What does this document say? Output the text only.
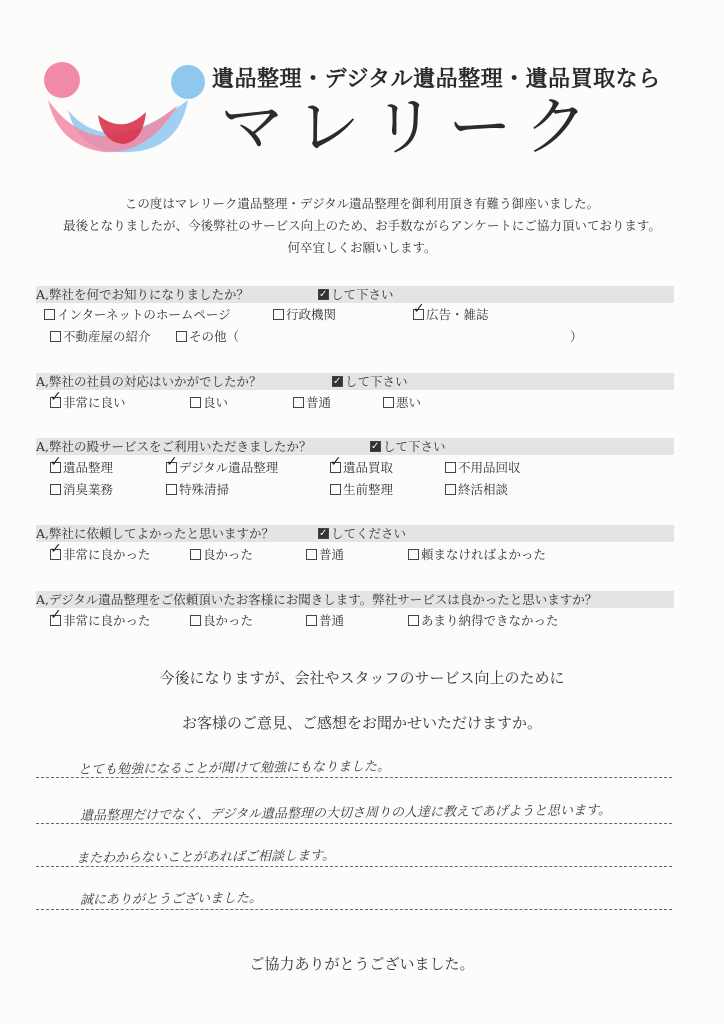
遺品整理・デジタル遺品整理・遺品買取なら
マレリーク
この度はマレリーク遺品整理・デジタル遺品整理を御利用頂き有難う御座いました。
最後となりましたが、今後弊社のサービス向上のため、お手数ながらアンケートにご協力頂いております。
何卒宜しくお願いします。
A,弊社を何でお知りになりましたか？ ✓	して下さい
インターネットのホームページ	行政機関 ✓	広告・雑誌
不動産屋の紹介	その他（	）
A,弊社の社員の対応はいかがでしたか？ ✓	して下さい
✓非常に良い	良い	普通	悪い
A,弊社の殿サービスをご利用いただきましたか？ ✓	して下さい
✓遺品整理 ✓	デジタル遺品整理 ✓	遺品買取	不用品回収
消臭業務	特殊清掃	生前整理	終活相談
A,弊社に依頼してよかったと思いますか？ ✓	してください
✓非常に良かった	良かった	普通	頼まなければよかった
A,デジタル遺品整理をご依頼頂いたお客様にお聞きします。弊社サービスは良かったと思いますか？
✓非常に良かった	良かった	普通	あまり納得できなかった
今後になりますが、会社やスタッフのサービス向上のために
お客様のご意見、ご感想をお聞かせいただけますか。
とても勉強になることが聞けて勉強にもなりました。
遺品整理だけでなく、デジタル遺品整理の大切さ周りの人達に教えてあげようと思います。
またわからないことがあればご相談します。
誠にありがとうございました。
ご協力ありがとうございました。
